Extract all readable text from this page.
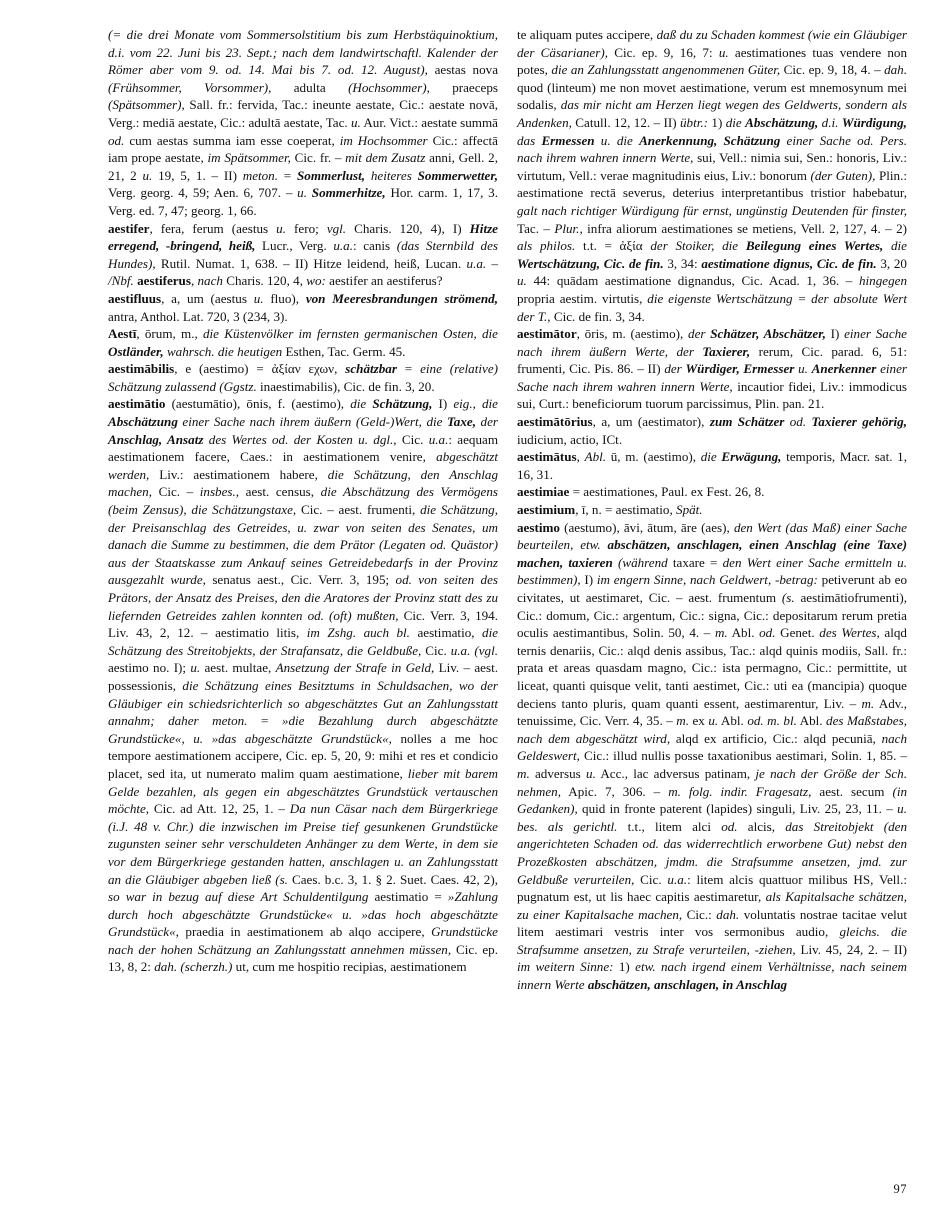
(= die drei Monate vom Sommersolstitium bis zum Herbstäquinoktium, d.i. vom 22. Juni bis 23. Sept.; nach dem landwirtschaftl. Kalender der Römer aber vom 9. od. 14. Mai bis 7. od. 12. August), aestas nova (Frühsommer, Vorsommer), adulta (Hochsommer), praeceps (Spätsommer), Sall. fr.: fervida, Tac.: ineunte aestate, Cic.: aestate novā, Verg.: mediā aestate, Cic.: adultā aestate, Tac. u. Aur. Vict.: aestate summā od. cum aestas summa iam esse coeperat, im Hochsommer Cic.: affectā iam prope aestate, im Spätsommer, Cic. fr. – mit dem Zusatz anni, Gell. 2, 21, 2 u. 19, 5, 1. – II) meton. = Sommerlust, heiteres Sommerwetter, Verg. georg. 4, 59; Aen. 6, 707. – u. Sommerhitze, Hor. carm. 1, 17, 3. Verg. ed. 7, 47; georg. 1, 66.

aestifer, fera, ferum (aestus u. fero; vgl. Charis. 120, 4), I) Hitze erregend, -bringend, heiß, Lucr., Verg. u.a.: canis (das Sternbild des Hundes), Rutil. Numat. 1, 638. – II) Hitze leidend, heiß, Lucan. u.a. – /Nbf. aestiferus, nach Charis. 120, 4, wo: aestifer an aestiferus?

aestifluus, a, um (aestus u. fluo), von Meeresbrandungen strömend, antra, Anthol. Lat. 720, 3 (234, 3).

Aestī, ōrum, m., die Küstenvölker im fernsten germanischen Osten, die Ostländer, wahrsch. die heutigen Esthen, Tac. Germ. 45.

aestimābilis, e (aestimo) = ἀξίαν εχων, schätzbar = eine (relative) Schätzung zulassend (Ggstz. inaestimabilis), Cic. de fin. 3, 20.

aestimātio (aestumātio), ōnis, f. (aestimo), die Schätzung, I) eig., die Abschätzung einer Sache nach ihrem äußern (Geld-)Wert, die Taxe, der Anschlag, Ansatz des Wertes od. der Kosten u. dgl., Cic. u.a.: aequam aestimationem facere, Caes.: in aestimationem venire, abgeschätzt werden, Liv.: aestimationem habere, die Schätzung, den Anschlag machen, Cic. – insbes., aest. census, die Abschätzung des Vermögens (beim Zensus), die Schätzungstaxe, Cic. – aest. frumenti, die Schätzung, der Preisanschlag des Getreides, u. zwar von seiten des Senates, um danach die Summe zu bestimmen, die dem Prätor (Legaten od. Quästor) aus der Staatskasse zum Ankauf seines Getreidebedarfs in der Provinz ausgezahlt wurde, senatus aest., Cic. Verr. 3, 195; od. von seiten des Prätors, der Ansatz des Preises, den die Aratores der Provinz statt des zu liefernden Getreides zahlen konnten od. (oft) mußten, Cic. Verr. 3, 194. Liv. 43, 2, 12. – aestimatio litis, im Zshg. auch bl. aestimatio, die Schätzung des Streitobjekts, der Strafansatz, die Geldbuße, Cic. u.a. (vgl. aestimo no. I); u. aest. multae, Ansetzung der Strafe in Geld, Liv. – aest. possessionis, die Schätzung eines Besitztums in Schuldsachen, wo der Gläubiger ein schiedsrichterlich so abgeschätztes Gut an Zahlungsstatt annahm; daher meton. = »die Bezahlung durch abgeschätzte Grundstücke«, u. »das abgeschätzte Grundstück«, nolles a me hoc tempore aestimationem accipere, Cic. ep. 5, 20, 9: mihi et res et condicio placet, sed ita, ut numerato malim quam aestimatione, lieber mit barem Gelde bezahlen, als gegen ein abgeschätztes Grundstück vertauschen möchte, Cic. ad Att. 12, 25, 1. – Da nun Cäsar nach dem Bürgerkriege (i.J. 48 v. Chr.) die inzwischen im Preise tief gesunkenen Grundstücke zugunsten seiner sehr verschuldeten Anhänger zu dem Werte, in dem sie vor dem Bürgerkriege gestanden hatten, anschlagen u. an Zahlungsstatt an die Gläubiger abgeben ließ (s. Caes. b.c. 3, 1. § 2. Suet. Caes. 42, 2), so war in bezug auf diese Art Schuldentilgung aestimatio = »Zahlung durch hoch abgeschätzte Grundstücke« u. »das hoch abgeschätzte Grundstück«, praedia in aestimationem ab alqo accipere, Grundstücke nach der hohen Schätzung an Zahlungsstatt annehmen müssen, Cic. ep. 13, 8, 2: dah. (scherzh.) ut, cum me hospitio recipias, aestimationem

te aliquam putes accipere, daß du zu Schaden kommest (wie ein Gläubiger der Cäsarianer), Cic. ep. 9, 16, 7: u. aestimationes tuas vendere non potes, die an Zahlungsstatt angenommenen Güter, Cic. ep. 9, 18, 4. – dah. quod (linteum) me non movet aestimatione, verum est mnemosynum mei sodalis, das mir nicht am Herzen liegt wegen des Geldwerts, sondern als Andenken, Catull. 12, 12. – II) übtr.: 1) die Abschätzung, d.i. Würdigung, das Ermessen u. die Anerkennung, Schätzung einer Sache od. Pers. nach ihrem wahren innern Werte, sui, Vell.: nimia sui, Sen.: honoris, Liv.: virtutum, Vell.: verae magnitudinis eius, Liv.: bonorum (der Guten), Plin.: aestimatione rectā severus, deterius interpretantibus tristior habebatur, galt nach richtiger Würdigung für ernst, ungünstig Deutenden für finster, Tac. – Plur., infra aliorum aestimationes se metiens, Vell. 2, 127, 4. – 2) als philos. t.t. = ἀξία der Stoiker, die Beilegung eines Wertes, die Wertschätzung, Cic. de fin. 3, 34: aestimatione dignus, Cic. de fin. 3, 20 u. 44: quādam aestimatione dignandus, Cic. Acad. 1, 36. – hingegen propria aestim. virtutis, die eigenste Wertschätzung = der absolute Wert der T., Cic. de fin. 3, 34.

aestimātor, ōris, m. (aestimo), der Schätzer, Abschätzer, I) einer Sache nach ihrem äußern Werte, der Taxierer, rerum, Cic. parad. 6, 51: frumenti, Cic. Pis. 86. – II) der Würdiger, Ermesser u. Anerkenner einer Sache nach ihrem wahren innern Werte, incautior fidei, Liv.: immodicus sui, Curt.: beneficiorum tuorum parcissimus, Plin. pan. 21.

aestimātōrius, a, um (aestimator), zum Schätzer od. Taxierer gehörig, iudicium, actio, ICt.

aestimātus, Abl. ū, m. (aestimo), die Erwägung, temporis, Macr. sat. 1, 16, 31.

aestimiae = aestimationes, Paul. ex Fest. 26, 8.

aestimium, ī, n. = aestimatio, Spät.

aestimo (aestumo), āvi, ātum, āre (aes), den Wert (das Maß) einer Sache beurteilen, etw. abschätzen, anschlagen, einen Anschlag (eine Taxe) machen, taxieren (während taxare = den Wert einer Sache ermitteln u. bestimmen), I) im engern Sinne, nach Geldwert, -betrag: petiverunt ab eo civitates, ut aestimaret, Cic. – aest. frumentum (s. aestimātiofrumenti), Cic.: domum, Cic.: argentum, Cic.: signa, Cic.: depositarum rerum pretia oculis aestimantibus, Solin. 50, 4. – m. Abl. od. Genet. des Wertes, alqd ternis denariis, Cic.: alqd denis assibus, Tac.: alqd quinis modiis, Sall. fr.: prata et areas quasdam magno, Cic.: ista permagno, Cic.: permittite, ut liceat, quanti quisque velit, tanti aestimet, Cic.: uti ea (mancipia) quoque deciens tanto pluris, quam quanti essent, aestimarentur, Liv. – m. Adv., tenuissime, Cic. Verr. 4, 35. – m. ex u. Abl. od. m. bl. Abl. des Maßstabes, nach dem abgeschätzt wird, alqd ex artificio, Cic.: alqd pecuniā, nach Geldeswert, Cic.: illud nullis posse taxationibus aestimari, Solin. 1, 85. – m. adversus u. Acc., lac adversus patinam, je nach der Größe der Sch. nehmen, Apic. 7, 306. – m. folg. indir. Fragesatz, aest. secum (in Gedanken), quid in fronte paterent (lapides) singuli, Liv. 25, 23, 11. – u. bes. als gerichtl. t.t., litem alci od. alcis, das Streitobjekt (den angerichteten Schaden od. das widerrechtlich erworbene Gut) nebst den Prozeßkosten abschätzen, jmdm. die Strafsumme ansetzen, jmd. zur Geldbuße verurteilen, Cic. u.a.: litem alcis quattuor milibus HS, Vell.: pugnatum est, ut lis haec capitis aestimaretur, als Kapitalsache schätzen, zu einer Kapitalsache machen, Cic.: dah. voluntatis nostrae tacitae velut litem aestimari vestris inter vos sermonibus audio, gleichs. die Strafsumme ansetzen, zu Strafe verurteilen, -ziehen, Liv. 45, 24, 2. – II) im weitern Sinne: 1) etw. nach irgend einem Verhältnisse, nach seinem innern Werte abschätzen, anschlagen, in Anschlag

97
